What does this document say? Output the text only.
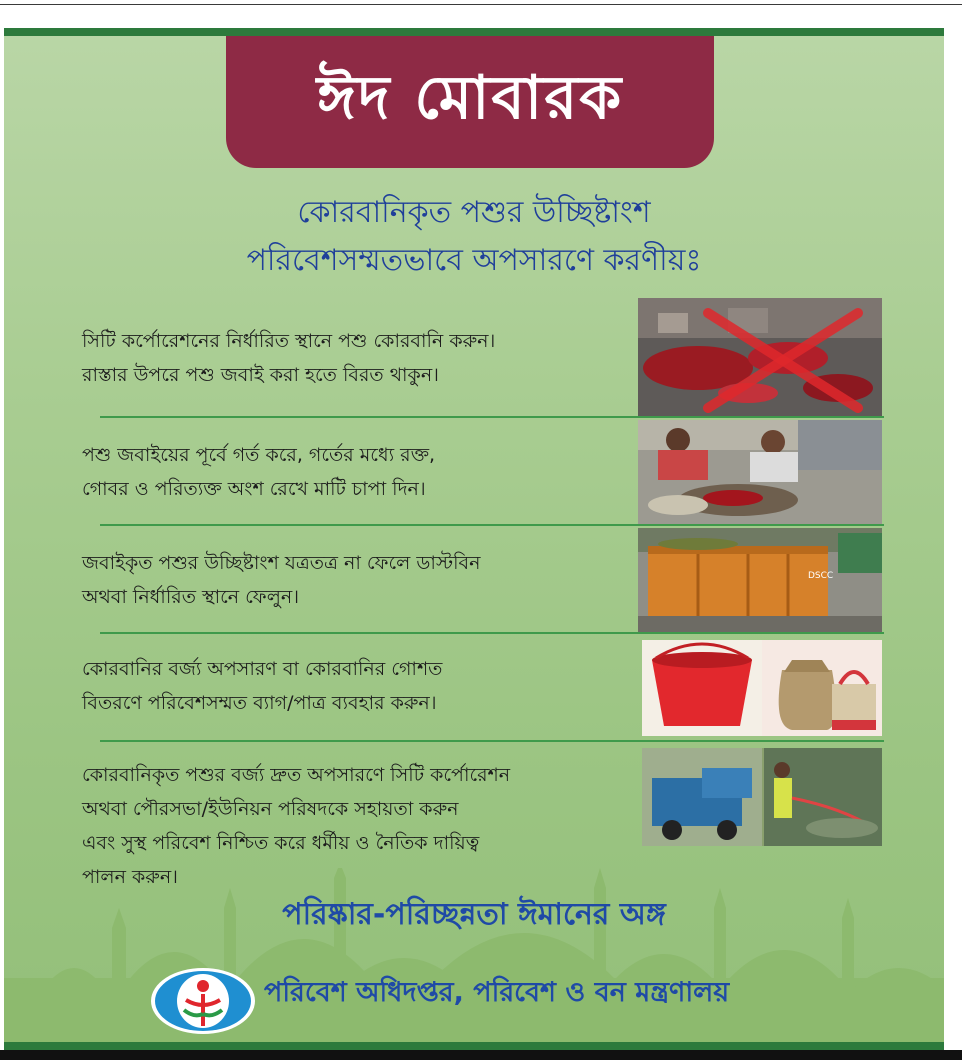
ঈদ মোবারক
কোরবানিকৃত পশুর উচ্ছিষ্টাংশ
পরিবেশসম্মতভাবে অপসারণে করণীয়ঃ
সিটি কর্পোরেশনের নির্ধারিত স্থানে পশু কোরবানি করুন।
রাস্তার উপরে পশু জবাই করা হতে বিরত থাকুন।
পশু জবাইয়ের পূর্বে গর্ত করে, গর্তের মধ্যে রক্ত,
গোবর ও পরিত্যক্ত অংশ রেখে মাটি চাপা দিন।
জবাইকৃত পশুর উচ্ছিষ্টাংশ যত্রতত্র না ফেলে ডাস্টবিন
অথবা নির্ধারিত স্থানে ফেলুন।
DSCC
কোরবানির বর্জ্য অপসারণ বা কোরবানির গোশত
বিতরণে পরিবেশসম্মত ব্যাগ/পাত্র ব্যবহার করুন।
কোরবানিকৃত পশুর বর্জ্য দ্রুত অপসারণে সিটি কর্পোরেশন
অথবা পৌরসভা/ইউনিয়ন পরিষদকে সহায়তা করুন
এবং সুস্থ পরিবেশ নিশ্চিত করে ধর্মীয় ও নৈতিক দায়িত্ব
পালন করুন।
পরিষ্কার-পরিচ্ছন্নতা ঈমানের অঙ্গ
পরিবেশ অধিদপ্তর, পরিবেশ ও বন মন্ত্রণালয়
